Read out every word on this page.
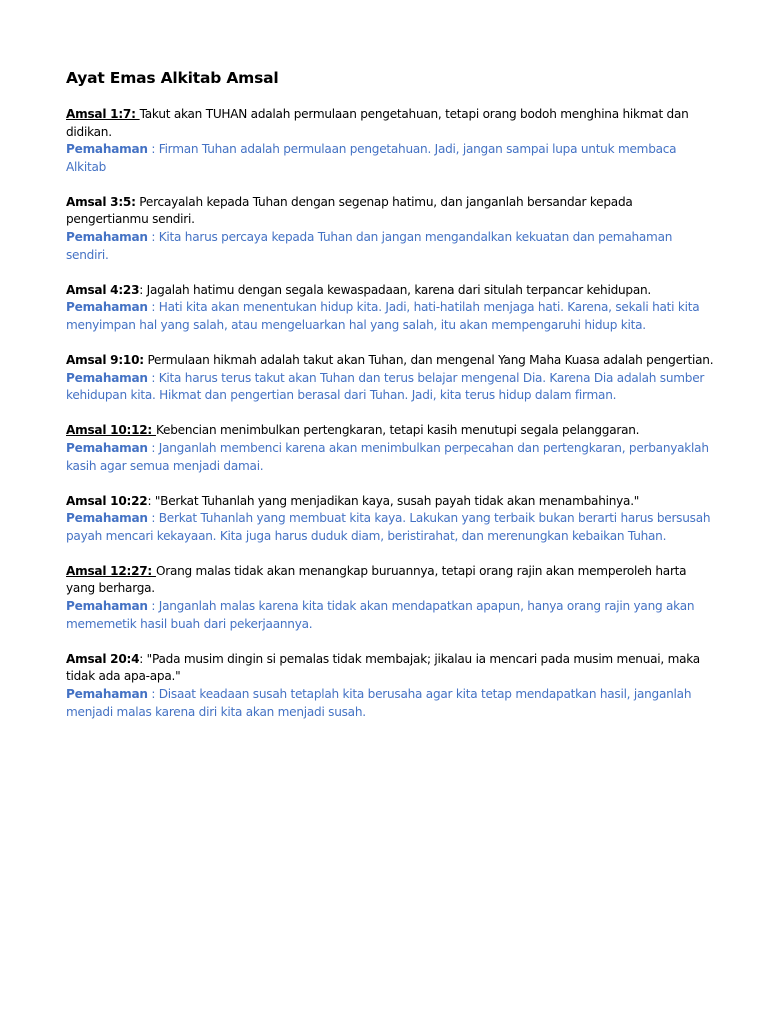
Ayat Emas Alkitab Amsal

Amsal 1:7: Takut akan TUHAN adalah permulaan pengetahuan, tetapi orang bodoh menghina hikmat dan didikan.

Pemahaman : Firman Tuhan adalah permulaan pengetahuan. Jadi, jangan sampai lupa untuk membaca Alkitab

Amsal 3:5: Percayalah kepada Tuhan dengan segenap hatimu, dan janganlah bersandar kepada pengertianmu sendiri.

Pemahaman : Kita harus percaya kepada Tuhan dan jangan mengandalkan kekuatan dan pemahaman sendiri.

Amsal 4:23: Jagalah hatimu dengan segala kewaspadaan, karena dari situlah terpancar kehidupan.

Pemahaman : Hati kita akan menentukan hidup kita. Jadi, hati-hatilah menjaga hati. Karena, sekali hati kita menyimpan hal yang salah, atau mengeluarkan hal yang salah, itu akan mempengaruhi hidup kita.

Amsal 9:10: Permulaan hikmah adalah takut akan Tuhan, dan mengenal Yang Maha Kuasa adalah pengertian.

Pemahaman : Kita harus terus takut akan Tuhan dan terus belajar mengenal Dia. Karena Dia adalah sumber kehidupan kita. Hikmat dan pengertian berasal dari Tuhan. Jadi, kita terus hidup dalam firman.

Amsal 10:12: Kebencian menimbulkan pertengkaran, tetapi kasih menutupi segala pelanggaran.

Pemahaman : Janganlah membenci karena akan menimbulkan perpecahan dan pertengkaran, perbanyaklah kasih agar semua menjadi damai.

Amsal 10:22: "Berkat Tuhanlah yang menjadikan kaya, susah payah tidak akan menambahinya."

Pemahaman : Berkat Tuhanlah yang membuat kita kaya. Lakukan yang terbaik bukan berarti harus bersusah payah mencari kekayaan. Kita juga harus duduk diam, beristirahat, dan merenungkan kebaikan Tuhan.

Amsal 12:27: Orang malas tidak akan menangkap buruannya, tetapi orang rajin akan memperoleh harta yang berharga.

Pemahaman : Janganlah malas karena kita tidak akan mendapatkan apapun, hanya orang rajin yang akan mememetik hasil buah dari pekerjaannya.

Amsal 20:4: "Pada musim dingin si pemalas tidak membajak; jikalau ia mencari pada musim menuai, maka tidak ada apa-apa."

Pemahaman : Disaat keadaan susah tetaplah kita berusaha agar kita tetap mendapatkan hasil, janganlah menjadi malas karena diri kita akan menjadi susah.
